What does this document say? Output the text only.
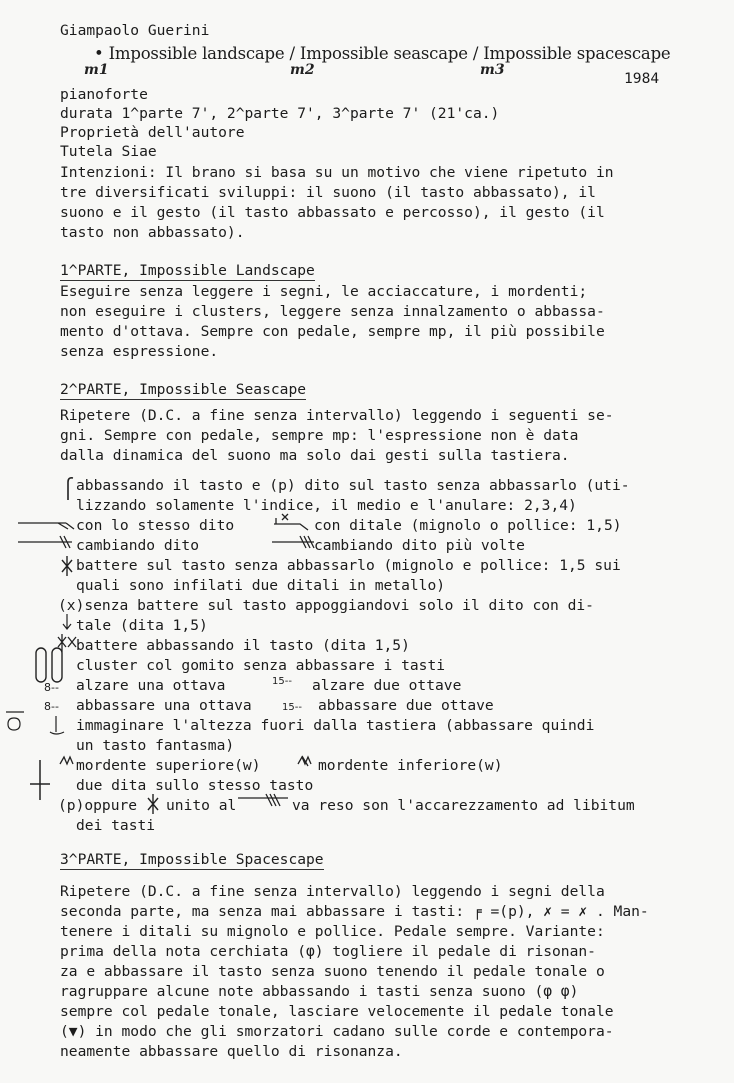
Giampaolo Guerini
• Impossible landscape / Impossible seascape / Impossible spacescape
1984
m1	m2	m3
pianoforte
durata 1^parte 7', 2^parte 7', 3^parte 7' (21'ca.)
Proprietà dell'autore
Tutela Siae
Intenzioni: Il brano si basa su un motivo che viene ripetuto in
tre diversificati sviluppi: il suono (il tasto abbassato), il
suono e il gesto (il tasto abbassato e percosso), il gesto (il
tasto non abbassato).
1^PARTE, Impossible Landscape
Eseguire senza leggere i segni, le acciaccature, i mordenti;
non eseguire i clusters, leggere senza innalzamento o abbassa-
mento d'ottava. Sempre con pedale, sempre mp, il più possibile
senza espressione.
2^PARTE, Impossible Seascape
Ripetere (D.C. a fine senza intervallo) leggendo i seguenti se-
gni. Sempre con pedale, sempre mp: l'espressione non è data
dalla dinamica del suono ma solo dai gesti sulla tastiera.
abbassando il tasto e (p) dito sul tasto senza abbassarlo (uti-
lizzando solamente l'indice, il medio e l'anulare: 2,3,4)
con lo stesso dito	con ditale (mignolo o pollice: 1,5)
cambiando dito	cambiando dito più volte
battere sul tasto senza abbassarlo (mignolo e pollice: 1,5 sui
quali sono infilati due ditali in metallo)
(x)senza battere sul tasto appoggiandovi solo il dito con di-
tale (dita 1,5)
battere abbassando il tasto (dita 1,5)
cluster col gomito senza abbassare i tasti
8-- alzare una ottava	15-- alzare due ottave
8-- abbassare una ottava	15-- abbassare due ottave
immaginare l'altezza fuori dalla tastiera (abbassare quindi
un tasto fantasma)
mordente superiore(w)	mordente inferiore(w)
due dita sullo stesso tasto
(p)oppure unito al	va reso son l'accarezzamento ad libitum
dei tasti
3^PARTE, Impossible Spacescape
Ripetere (D.C. a fine senza intervallo) leggendo i segni della
seconda parte, ma senza mai abbassare i tasti: ╒ =(p), ✗ = ✗ . Man-
tenere i ditali su mignolo e pollice. Pedale sempre. Variante:
prima della nota cerchiata (φ) togliere il pedale di risonan-
za e abbassare il tasto senza suono tenendo il pedale tonale o
ragruppare alcune note abbassando i tasti senza suono (φ φ)
sempre col pedale tonale, lasciare velocemente il pedale tonale
(▼) in modo che gli smorzatori cadano sulle corde e contempora-
neamente abbassare quello di risonanza.
